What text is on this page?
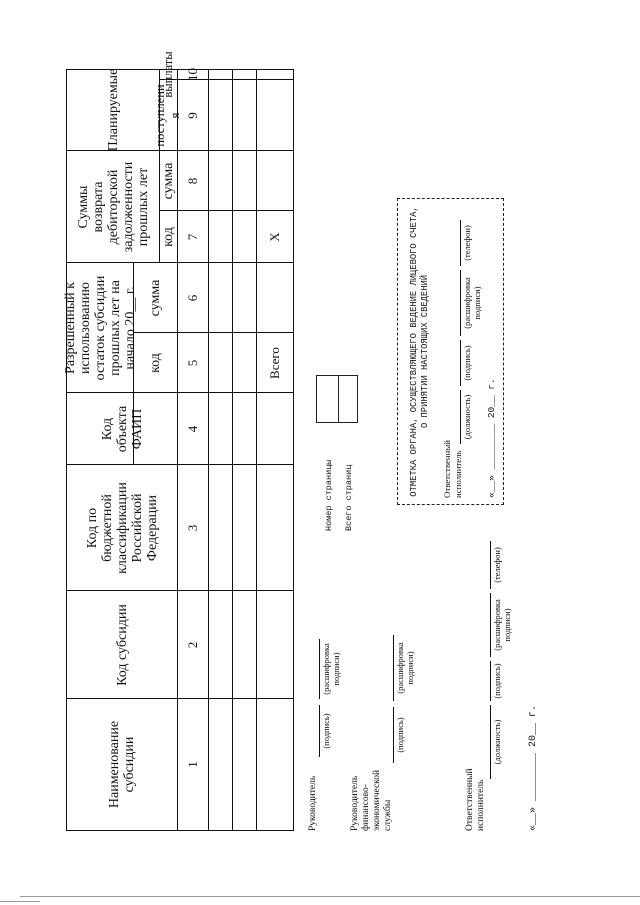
Наименование субсидии
Код субсидии
Код по бюджетной классификации Российской Федерации
Код объекта ФАИП
Разрешенный к использованию остаток субсидии прошлых лет на начало 20__ г. код
сумма
Суммы возврата дебиторской задолженности прошлых лет код
сумма
Планируемые	поступлени я
выплаты
1
2
3
4
5
6
7
8
9
10
Всего
X
Руководитель
(подпись)
(расшифровка подписи)
Руководитель финансово- экономической службы
(подпись)
(расшифровка подписи)
Ответственный исполнитель
(должность)
(подпись)
(расшифровка подписи)
(телефон)
«__» ________ 20__ г.
Номер страницы Всего страниц
ОТМЕТКА ОРГАНА, ОСУЩЕСТВЛЯЮЩЕГО ВЕДЕНИЕ ЛИЦЕВОГО СЧЕТА, О ПРИНЯТИИ НАСТОЯЩИХ СВЕДЕНИЙ
Ответственный исполнитель
(должность)
(подпись)
(расшифровка подписи)
(телефон)
«__» ________ 20__ г.
